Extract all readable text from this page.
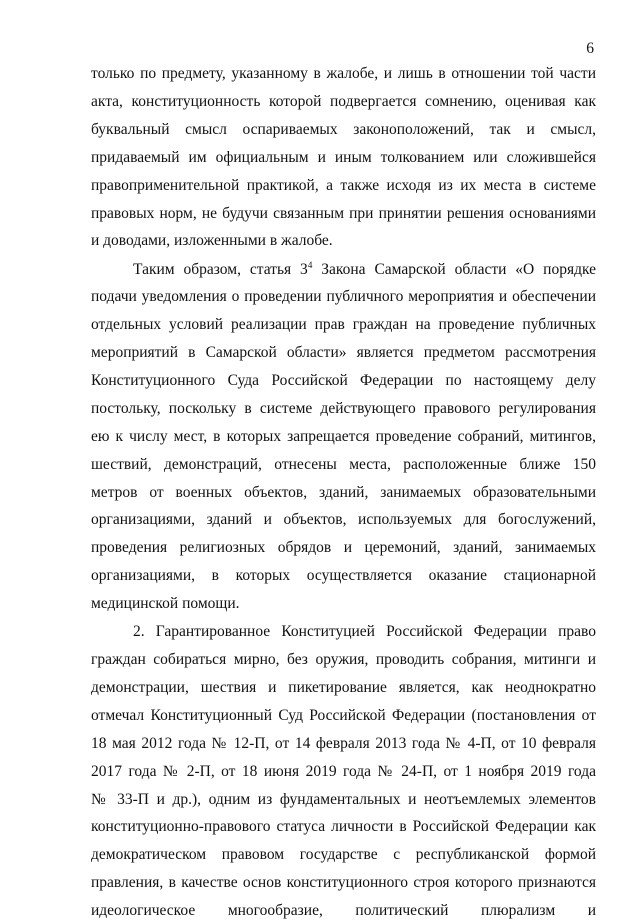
6
только по предмету, указанному в жалобе, и лишь в отношении той части
акта, конституционность которой подвергается сомнению, оценивая как
буквальный смысл оспариваемых законоположений, так и смысл,
придаваемый им официальным и иным толкованием или сложившейся
правоприменительной практикой, а также исходя из их места в системе
правовых норм, не будучи связанным при принятии решения основаниями
и доводами, изложенными в жалобе.
Таким образом, статья $3^4$ Закона Самарской области «О порядке
подачи уведомления о проведении публичного мероприятия и обеспечении
отдельных условий реализации прав граждан на проведение публичных
мероприятий в Самарской области» является предметом рассмотрения
Конституционного Суда Российской Федерации по настоящему делу
постольку, поскольку в системе действующего правового регулирования
ею к числу мест, в которых запрещается проведение собраний, митингов,
шествий, демонстраций, отнесены места, расположенные ближе 150
метров от военных объектов, зданий, занимаемых образовательными
организациями, зданий и объектов, используемых для богослужений,
проведения религиозных обрядов и церемоний, зданий, занимаемых
организациями, в которых осуществляется оказание стационарной
медицинской помощи.
2. Гарантированное Конституцией Российской Федерации право
граждан собираться мирно, без оружия, проводить собрания, митинги и
демонстрации, шествия и пикетирование является, как неоднократно
отмечал Конституционный Суд Российской Федерации (постановления от
18 мая 2012 года № 12-П, от 14 февраля 2013 года № 4-П, от 10 февраля
2017 года № 2-П, от 18 июня 2019 года № 24-П, от 1 ноября 2019 года
№ 33-П и др.), одним из фундаментальных и неотъемлемых элементов
конституционно-правового статуса личности в Российской Федерации как
демократическом правовом государстве с республиканской формой
правления, в качестве основ конституционного строя которого признаются
идеологическое многообразие, политический плюрализм и
